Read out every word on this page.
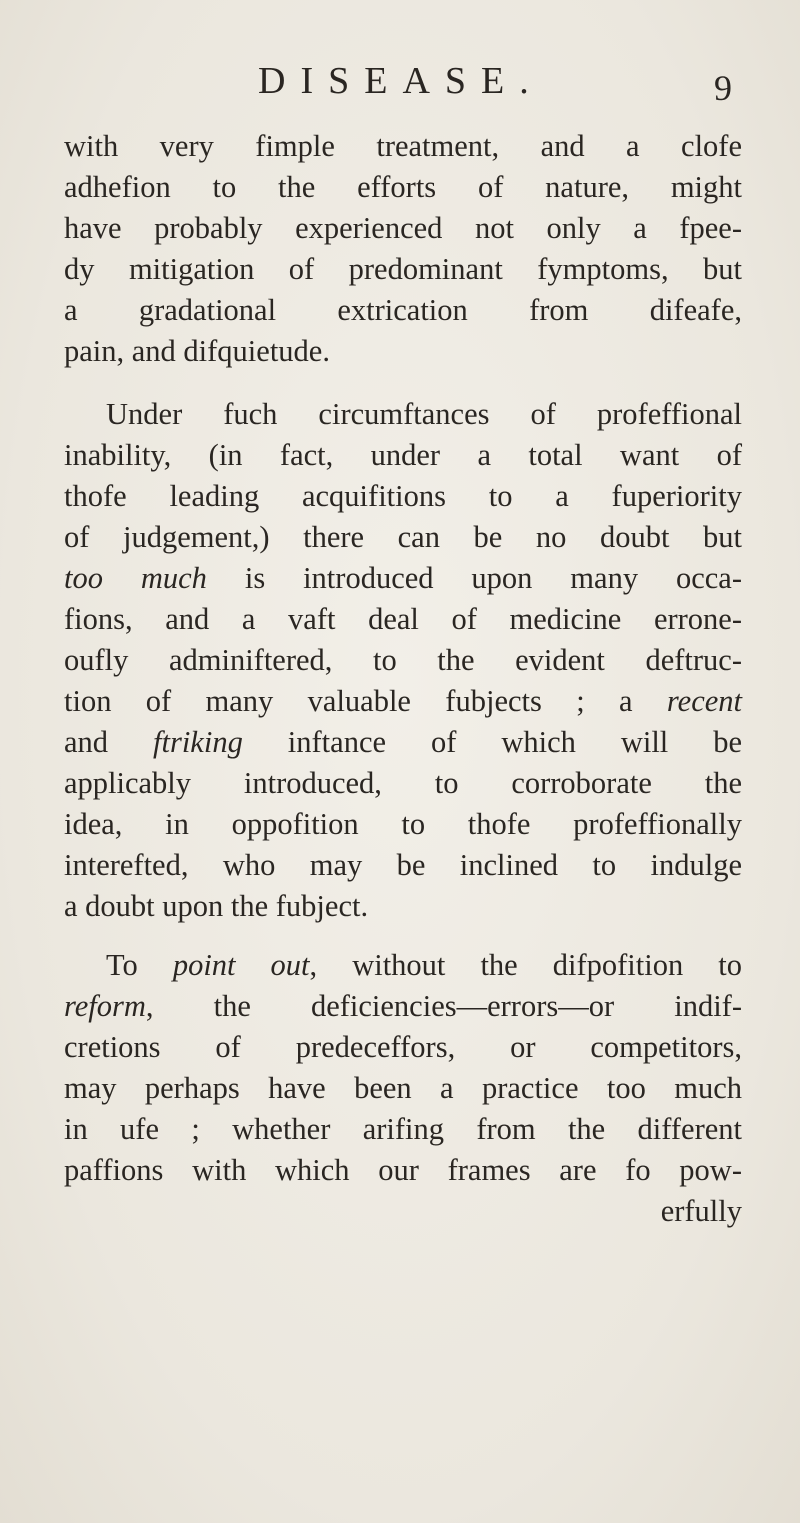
DISEASE.	9
with very fimple treatment, and a clofe
adhefion to the efforts of nature, might
have probably experienced not only a fpee-
dy mitigation of predominant fymptoms, but
a gradational extrication from difeafe,
pain, and difquietude.
Under fuch circumftances of profeffional
inability, (in fact, under a total want of
thofe leading acquifitions to a fuperiority
of judgement,) there can be no doubt but
too much is introduced upon many occa-
fions, and a vaft deal of medicine errone-
oufly adminiftered, to the evident deftruc-
tion of many valuable fubjects ; a recent
and ftriking inftance of which will be
applicably introduced, to corroborate the
idea, in oppofition to thofe profeffionally
interefted, who may be inclined to indulge
a doubt upon the fubject.
To point out, without the difpofition to
reform, the deficiencies—errors—or indif-
cretions of predeceffors, or competitors,
may perhaps have been a practice too much
in ufe ; whether arifing from the different
paffions with which our frames are fo pow-
erfully
